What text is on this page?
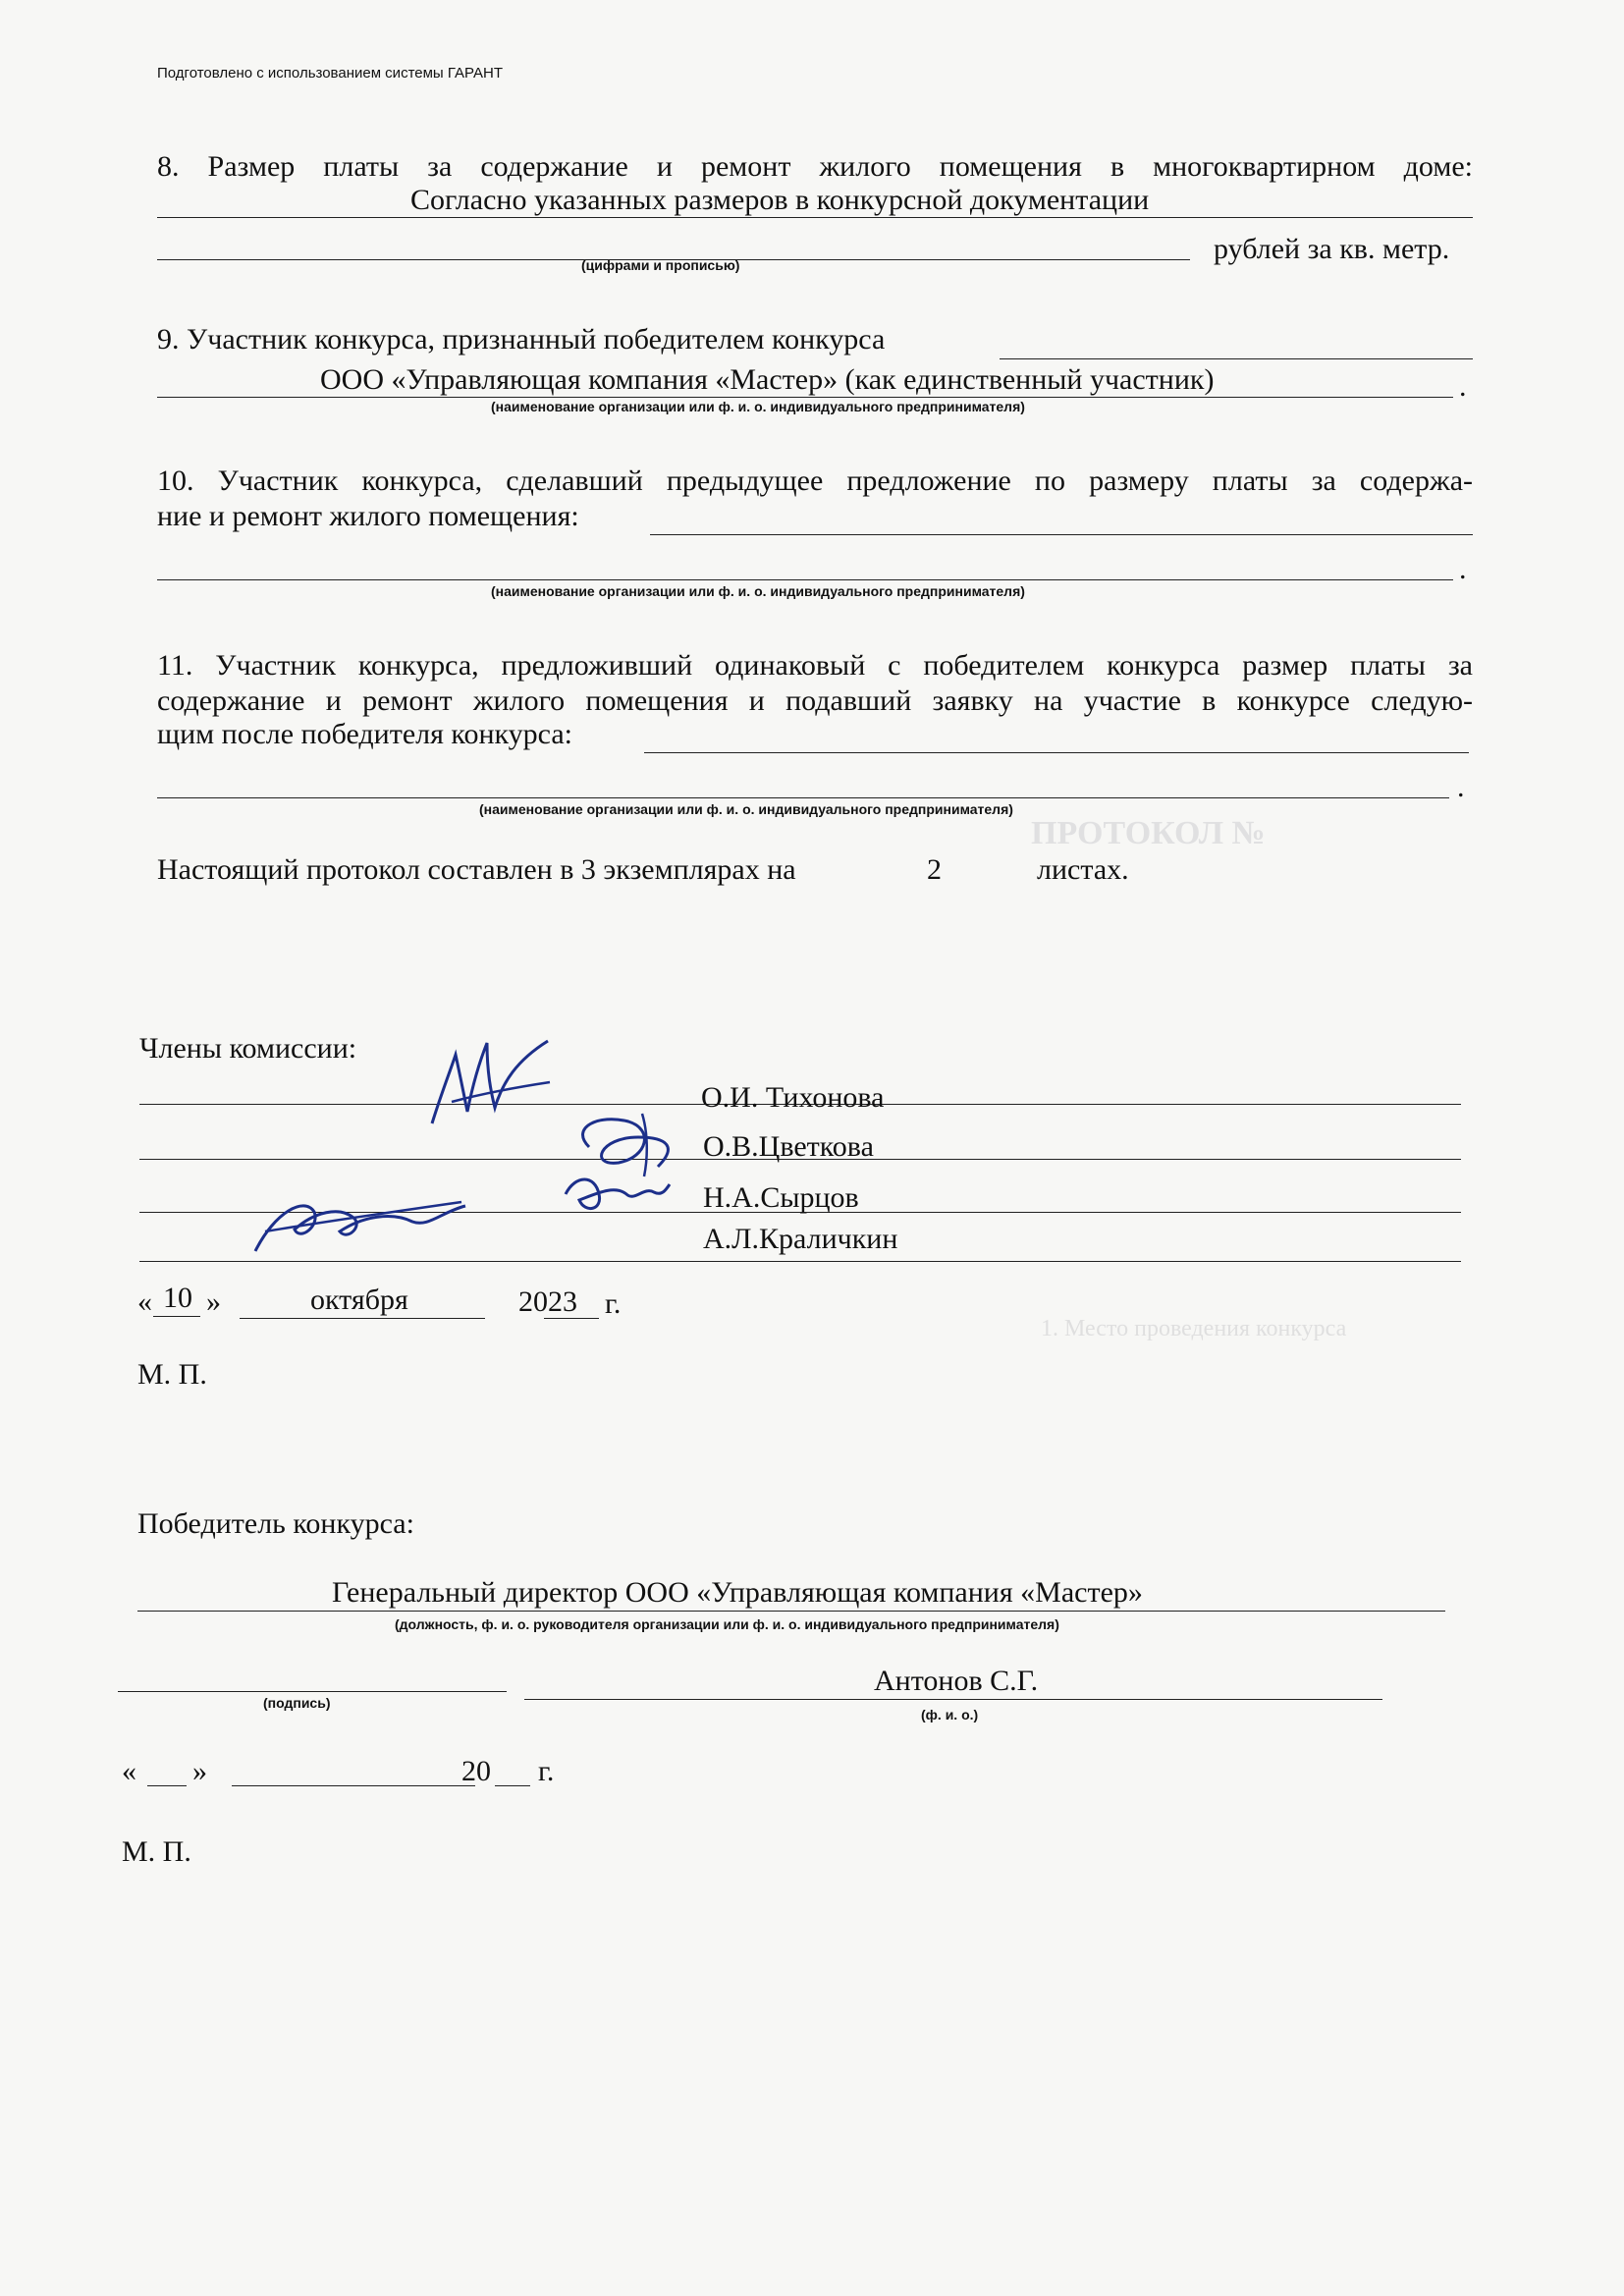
ПРОТОКОЛ №
1. Место проведения конкурса
Подготовлено с использованием системы ГАРАНТ
8. Размер платы за содержание и ремонт жилого помещения в многоквартирном доме:
Согласно указанных размеров в конкурсной документации
рублей за кв. метр.
(цифрами и прописью)
9. Участник конкурса, признанный победителем конкурса
ООО «Управляющая компания «Мастер» (как единственный участник)	.
(наименование организации или ф. и. о. индивидуального предпринимателя)
10. Участник конкурса, сделавший предыдущее предложение по размеру платы за содержа-
ние и ремонт жилого помещения:
.
(наименование организации или ф. и. о. индивидуального предпринимателя)
11. Участник конкурса, предложивший одинаковый с победителем конкурса размер платы за
содержание и ремонт жилого помещения и подавший заявку на участие в конкурсе следую-
щим после победителя конкурса:
.
(наименование организации или ф. и. о. индивидуального предпринимателя)
Настоящий протокол составлен в 3 экземплярах на	2	листах.
Члены комиссии:
О.И. Тихонова
О.В.Цветкова
Н.А.Сырцов
А.Л.Краличкин
« 10 »	октября	2023 г.
М. П.
Победитель конкурса:
Генеральный директор ООО «Управляющая компания «Мастер»
(должность, ф. и. о. руководителя организации или ф. и. о. индивидуального предпринимателя)
(подпись)
Антонов С.Г.
(ф. и. о.)
« »	20 г.
М. П.
